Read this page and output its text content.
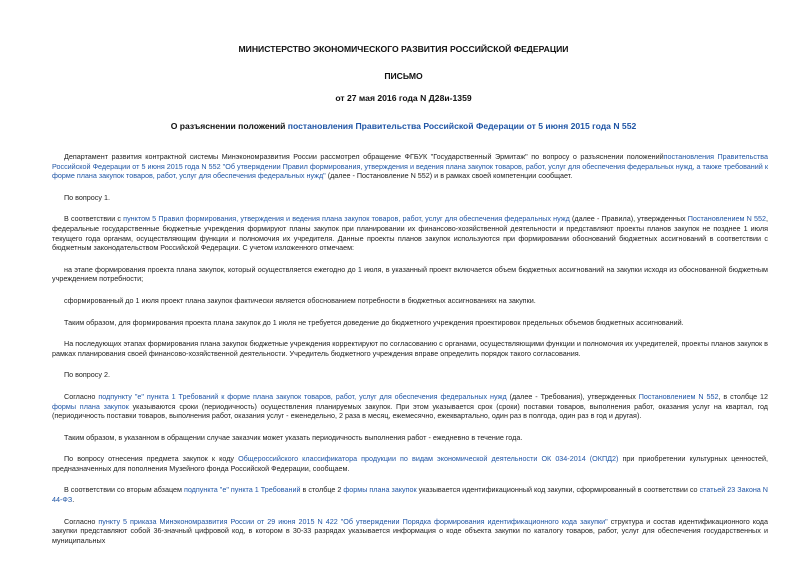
МИНИСТЕРСТВО ЭКОНОМИЧЕСКОГО РАЗВИТИЯ РОССИЙСКОЙ ФЕДЕРАЦИИ
ПИСЬМО
от 27 мая 2016 года N Д28и-1359
О разъяснении положений постановления Правительства Российской Федерации от 5 июня 2015 года N 552

Департамент развития контрактной системы Минэкономразвития России рассмотрел обращение ФГБУК "Государственный Эрмитаж" по вопросу о разъяснении положенийпостановления Правительства Российской Федерации от 5 июня 2015 года N 552 "Об утверждении Правил формирования, утверждения и ведения плана закупок товаров, работ, услуг для обеспечения федеральных нужд, а также требований к форме плана закупок товаров, работ, услуг для обеспечения федеральных нужд" (далее - Постановление N 552) и в рамках своей компетенции сообщает.

По вопросу 1.

В соответствии с пунктом 5 Правил формирования, утверждения и ведения плана закупок товаров, работ, услуг для обеспечения федеральных нужд (далее - Правила), утвержденных Постановлением N 552, федеральные государственные бюджетные учреждения формируют планы закупок при планировании их финансово-хозяйственной деятельности и представляют проекты планов закупок не позднее 1 июля текущего года органам, осуществляющим функции и полномочия их учредителя. Данные проекты планов закупок используются при формировании обоснований бюджетных ассигнований в соответствии с бюджетным законодательством Российской Федерации. С учетом изложенного отмечаем:

на этапе формирования проекта плана закупок, который осуществляется ежегодно до 1 июля, в указанный проект включается объем бюджетных ассигнований на закупки исходя из обоснованной бюджетным учреждением потребности;

сформированный до 1 июля проект плана закупок фактически является обоснованием потребности в бюджетных ассигнованиях на закупки.

Таким образом, для формирования проекта плана закупок до 1 июля не требуется доведение до бюджетного учреждения проектировок предельных объемов бюджетных ассигнований.

На последующих этапах формирования плана закупок бюджетные учреждения корректируют по согласованию с органами, осуществляющими функции и полномочия их учредителей, проекты планов закупок в рамках планирования своей финансово-хозяйственной деятельности. Учредитель бюджетного учреждения вправе определить порядок такого согласования.

По вопросу 2.

Согласно подпункту "е" пункта 1 Требований к форме плана закупок товаров, работ, услуг для обеспечения федеральных нужд (далее - Требования), утвержденных Постановлением N 552, в столбце 12 формы плана закупок указываются сроки (периодичность) осуществления планируемых закупок. При этом указывается срок (сроки) поставки товаров, выполнения работ, оказания услуг на квартал, год (периодичность поставки товаров, выполнения работ, оказания услуг - еженедельно, 2 раза в месяц, ежемесячно, ежеквартально, один раз в полгода, один раз в год и другая).

Таким образом, в указанном в обращении случае заказчик может указать периодичность выполнения работ - ежедневно в течение года.

По вопросу отнесения предмета закупок к коду Общероссийского классификатора продукции по видам экономической деятельности ОК 034-2014 (ОКПД2) при приобретении культурных ценностей, предназначенных для пополнения Музейного фонда Российской Федерации, сообщаем.

В соответствии со вторым абзацем подпункта "е" пункта 1 Требований в столбце 2 формы плана закупок указывается идентификационный код закупки, сформированный в соответствии со статьей 23 Закона N 44-ФЗ.

Согласно пункту 5 приказа Минэкономразвития России от 29 июня 2015 N 422 "Об утверждении Порядка формирования идентификационного кода закупки" структура и состав идентификационного кода закупки представляют собой 36-значный цифровой код, в котором в 30-33 разрядах указывается информация о коде объекта закупки по каталогу товаров, работ, услуг для обеспечения государственных и муниципальных
